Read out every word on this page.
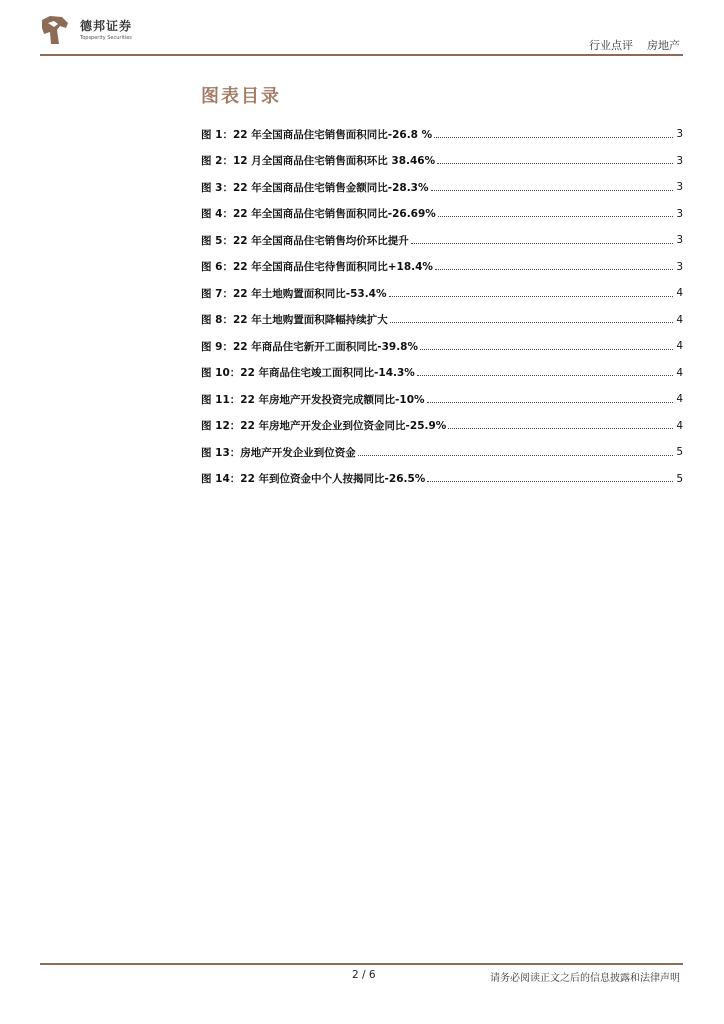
德邦证券
Topsperity Securities
行业点评 房地产
图表目录
图 1：22 年全国商品住宅销售面积同比-26.8 %	3
图 2：12 月全国商品住宅销售面积环比 38.46%	3
图 3：22 年全国商品住宅销售金额同比-28.3%	3
图 4：22 年全国商品住宅销售面积同比-26.69%	3
图 5：22 年全国商品住宅销售均价环比提升	3
图 6：22 年全国商品住宅待售面积同比+18.4%	3
图 7：22 年土地购置面积同比-53.4%	4
图 8：22 年土地购置面积降幅持续扩大	4
图 9：22 年商品住宅新开工面积同比-39.8%	4
图 10：22 年商品住宅竣工面积同比-14.3%	4
图 11：22 年房地产开发投资完成额同比-10%	4
图 12：22 年房地产开发企业到位资金同比-25.9%	4
图 13：房地产开发企业到位资金	5
图 14：22 年到位资金中个人按揭同比-26.5%	5
2 / 6	请务必阅读正文之后的信息披露和法律声明
